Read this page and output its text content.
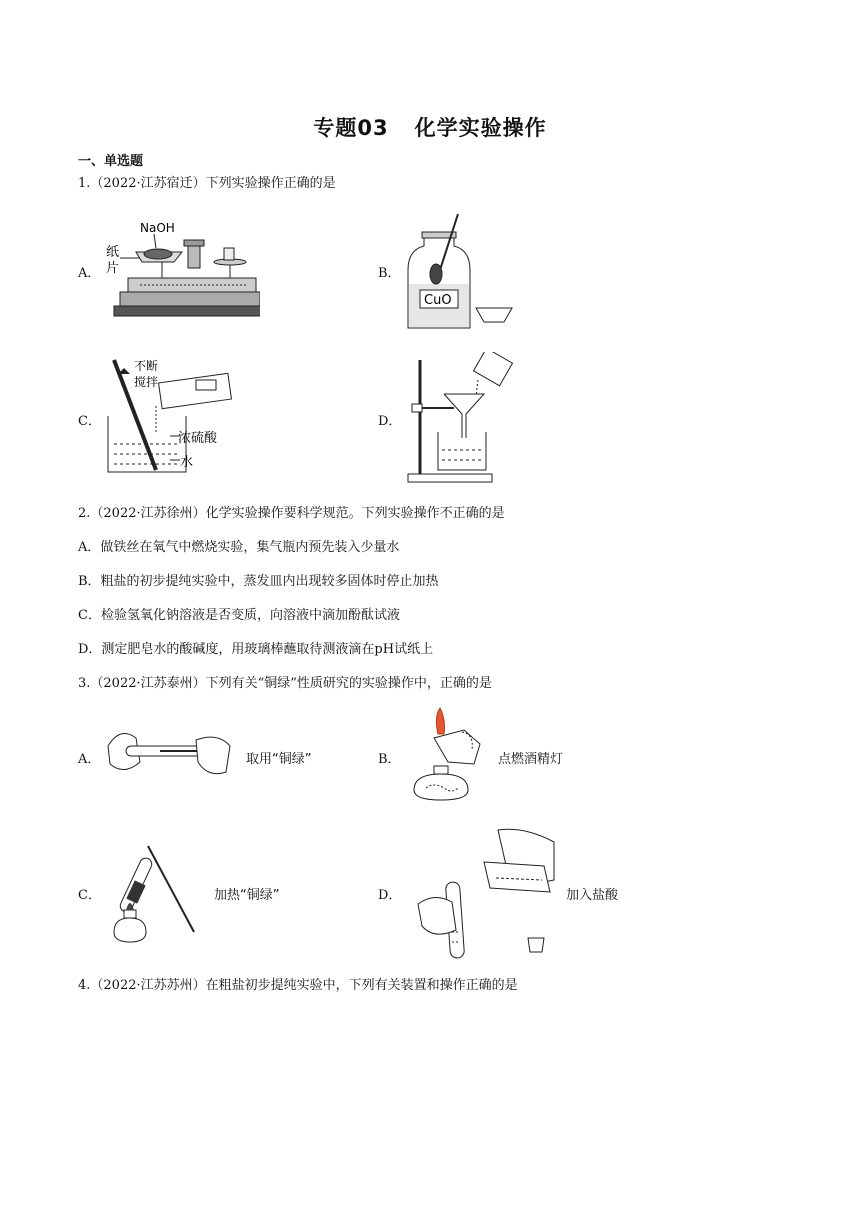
专题03 化学实验操作
一、单选题
1.（2022·江苏宿迁）下列实验操作正确的是
A．
NaOH
纸
片	B．
CuO
C．
不断
搅拌
浓硫酸
水
D．
2.（2022·江苏徐州）化学实验操作要科学规范。下列实验操作不正确的是
A．做铁丝在氧气中燃烧实验，集气瓶内预先装入少量水
B．粗盐的初步提纯实验中，蒸发皿内出现较多固体时停止加热
C．检验氢氧化钠溶液是否变质，向溶液中滴加酚酞试液
D．测定肥皂水的酸碱度，用玻璃棒蘸取待测液滴在pH试纸上
3.（2022·江苏泰州）下列有关“铜绿”性质研究的实验操作中，正确的是
A．	取用“铜绿”	B．	点燃酒精灯
C．	加热“铜绿”	D．	加入盐酸
4.（2022·江苏苏州）在粗盐初步提纯实验中，下列有关装置和操作正确的是
